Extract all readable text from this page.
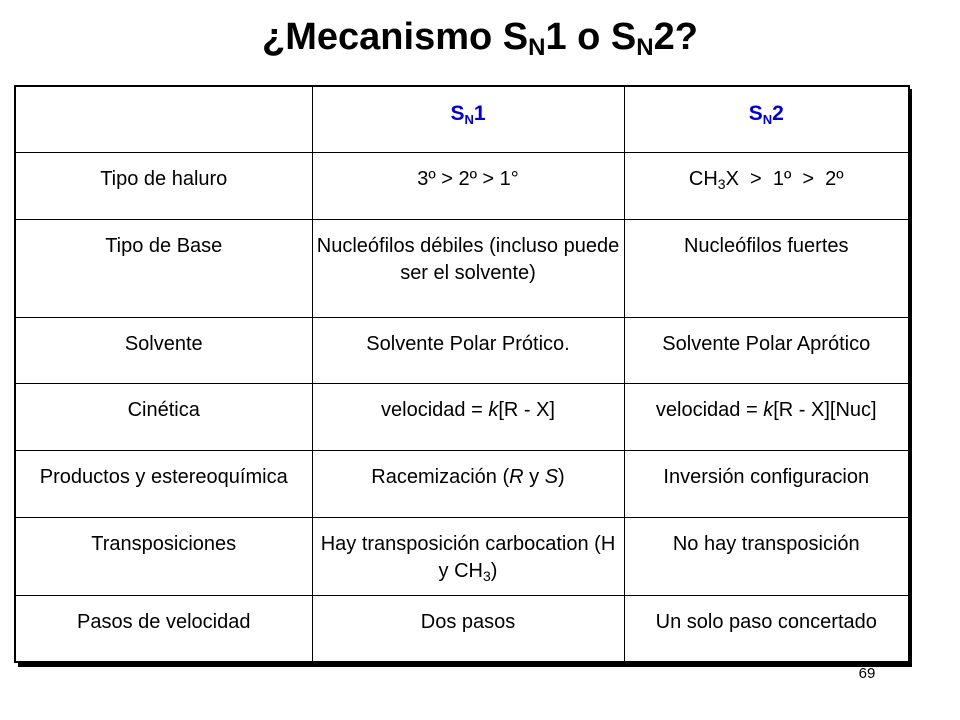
¿Mecanismo $S_N1$ o $S_N2$?
	$S_N1$	$S_N2$
Tipo de haluro	3º > 2º > 1°	$CH_3X$  >  1º  >  2º
Tipo de Base	Nucleófilos débiles (incluso puede ser el solvente)	Nucleófilos fuertes
Solvente	Solvente Polar Prótico.	Solvente Polar Aprótico
Cinética	velocidad = k[R - X]	velocidad = k[R - X][Nuc]
Productos y estereoquímica	Racemización (R y S)	Inversión configuracion
Transposiciones	Hay transposición carbocation (H y $CH_3$)	No hay transposición
Pasos de velocidad	Dos pasos	Un solo paso concertado
69
